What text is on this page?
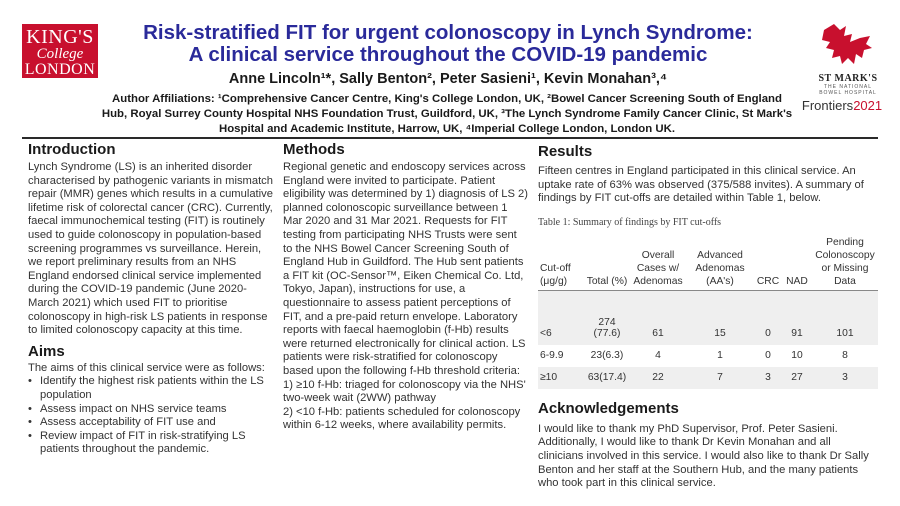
KING'S
College
LONDON
Risk-stratified FIT for urgent colonoscopy in Lynch Syndrome:
A clinical service throughout the COVID-19 pandemic
Anne Lincoln¹*, Sally Benton², Peter Sasieni¹, Kevin Monahan³,⁴
Author Affiliations: ¹Comprehensive Cancer Centre, King's College London, UK, ²Bowel Cancer Screening South of England Hub, Royal Surrey County Hospital NHS Foundation Trust, Guildford, UK, ³The Lynch Syndrome Family Cancer Clinic, St Mark's Hospital and Academic Institute, Harrow, UK, ⁴Imperial College London, London UK.
ST MARK'S
THE NATIONAL
BOWEL HOSPITAL
Frontiers2021
Introduction

Lynch Syndrome (LS) is an inherited disorder characterised by pathogenic variants in mismatch repair (MMR) genes which results in a cumulative lifetime risk of colorectal cancer (CRC). Currently, faecal immunochemical testing (FIT) is routinely used to guide colonoscopy in population-based screening programmes vs surveillance. Herein, we report preliminary results from an NHS England endorsed clinical service implemented during the COVID-19 pandemic (June 2020-March 2021) which used FIT to prioritise colonoscopy in high-risk LS patients in response to limited colonoscopy capacity at this time.

Aims

The aims of this clinical service were as follows:

• Identify the highest risk patients within the LS population
• Assess impact on NHS service teams
• Assess acceptability of FIT use and
• Review impact of FIT in risk-stratifying LS patients throughout the pandemic.
Methods

Regional genetic and endoscopy services across England were invited to participate. Patient eligibility was determined by 1) diagnosis of LS 2) planned colonoscopic surveillance between 1 Mar 2020 and 31 Mar 2021. Requests for FIT testing from participating NHS Trusts were sent to the NHS Bowel Cancer Screening South of England Hub in Guildford. The Hub sent patients a FIT kit (OC-Sensor™, Eiken Chemical Co. Ltd, Tokyo, Japan), instructions for use, a questionnaire to assess patient perceptions of FIT, and a pre-paid return envelope. Laboratory reports with faecal haemoglobin (f-Hb) results were returned electronically for clinical action. LS patients were risk-stratified for colonoscopy based upon the following f-Hb threshold criteria:

1) ≥10 f-Hb: triaged for colonoscopy via the NHS' two-week wait (2WW) pathway

2) <10 f-Hb: patients scheduled for colonoscopy within 6-12 weeks, where availability permits.

Results

Fifteen centres in England participated in this clinical service. An uptake rate of 63% was observed (375/588 invites). A summary of findings by FIT cut-offs are detailed within Table 1, below.

Table 1: Summary of findings by FIT cut-offs
Cut-off (μg/g)	Total (%)	Overall Cases w/ Adenomas	Advanced Adenomas (AA's)	CRC	NAD	Pending Colonoscopy or Missing Data
<6	274 (77.6)	61	15	0	91	101
6-9.9	23(6.3)	4	1	0	10	8
≥10	63(17.4)	22	7	3	27	3
Acknowledgements

I would like to thank my PhD Supervisor, Prof. Peter Sasieni. Additionally, I would like to thank Dr Kevin Monahan and all clinicians involved in this service. I would also like to thank Dr Sally Benton and her staff at the Southern Hub, and the many patients who took part in this clinical service.
